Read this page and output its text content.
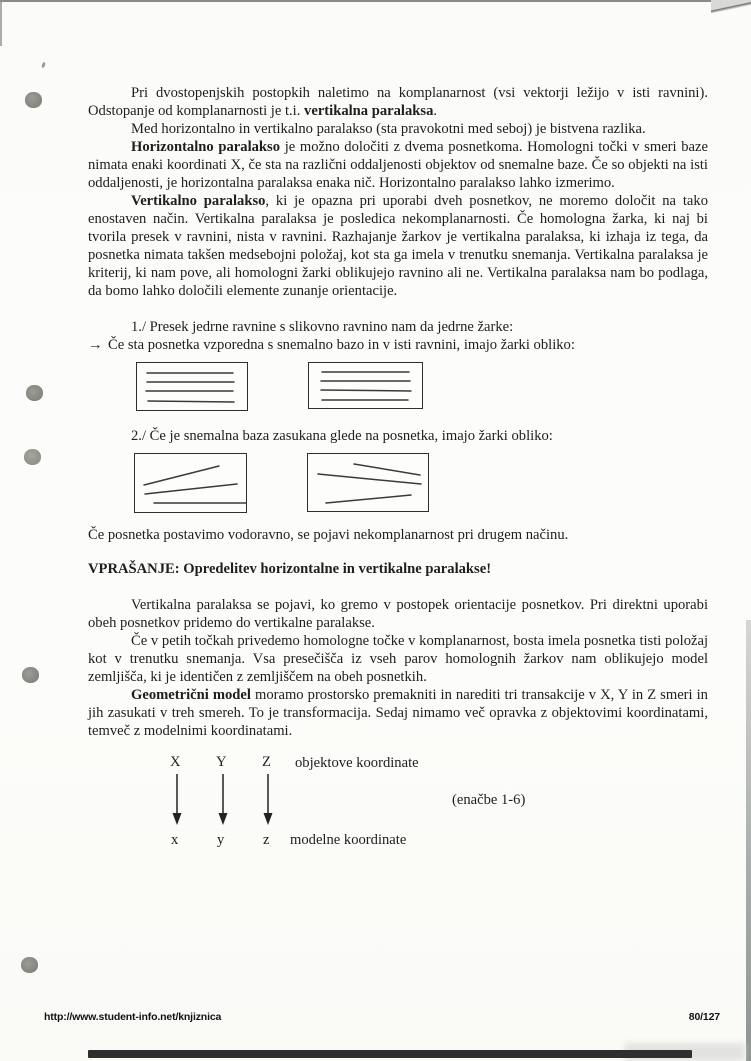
Pri dvostopenjskih postopkih naletimo na komplanarnost (vsi vektorji ležijo v isti ravnini). Odstopanje od komplanarnosti je t.i. vertikalna paralaksa.

Med horizontalno in vertikalno paralakso (sta pravokotni med seboj) je bistvena razlika.

Horizontalno paralakso je možno določiti z dvema posnetkoma. Homologni točki v smeri baze nimata enaki koordinati X, če sta na različni oddaljenosti objektov od snemalne baze. Če so objekti na isti oddaljenosti, je horizontalna paralaksa enaka nič. Horizontalno paralakso lahko izmerimo.

Vertikalno paralakso, ki je opazna pri uporabi dveh posnetkov, ne moremo določit na tako enostaven način. Vertikalna paralaksa je posledica nekomplanarnosti. Če homologna žarka, ki naj bi tvorila presek v ravnini, nista v ravnini. Razhajanje žarkov je vertikalna paralaksa, ki izhaja iz tega, da posnetka nimata takšen medsebojni položaj, kot sta ga imela v trenutku snemanja. Vertikalna paralaksa je kriterij, ki nam pove, ali homologni žarki oblikujejo ravnino ali ne. Vertikalna paralaksa nam bo podlaga, da bomo lahko določili elemente zunanje orientacije.

1./ Presek jedrne ravnine s slikovno ravnino nam da jedrne žarke:

→ Če sta posnetka vzporedna s snemalno bazo in v isti ravnini, imajo žarki obliko:

2./ Če je snemalna baza zasukana glede na posnetka, imajo žarki obliko:

Če posnetka postavimo vodoravno, se pojavi nekomplanarnost pri drugem načinu.

VPRAŠANJE: Opredelitev horizontalne in vertikalne paralakse!

Vertikalna paralaksa se pojavi, ko gremo v postopek orientacije posnetkov. Pri direktni uporabi obeh posnetkov pridemo do vertikalne paralakse.

Če v petih točkah privedemo homologne točke v komplanarnost, bosta imela posnetka tisti položaj kot v trenutku snemanja. Vsa presečišča iz vseh parov homolognih žarkov nam oblikujejo model zemljišča, ki je identičen z zemljiščem na obeh posnetkih.

Geometrični model moramo prostorsko premakniti in narediti tri transakcije v X, Y in Z smeri in jih zasukati v treh smereh. To je transformacija. Sedaj nimamo več opravka z objektovimi koordinatami, temveč z modelnimi koordinatami.

X Y Z objektove koordinate
(enačbe 1-6)
x	y	z modelne koordinate
http://www.student-info.net/knjiznica	80/127
